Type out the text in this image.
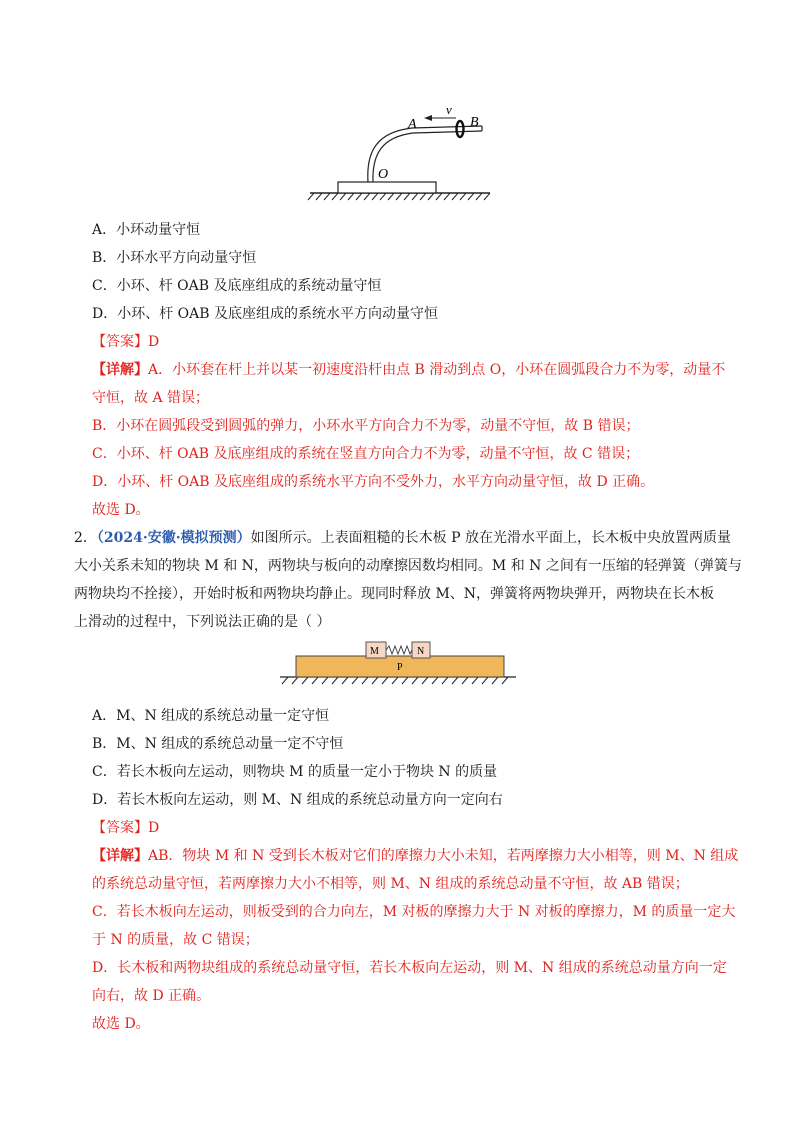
A	B
O
v
A．小环动量守恒
B．小环水平方向动量守恒
C．小环、杆 OAB 及底座组成的系统动量守恒
D．小环、杆 OAB 及底座组成的系统水平方向动量守恒
【答案】D
【详解】A．小环套在杆上并以某一初速度沿杆由点 B 滑动到点 O，小环在圆弧段合力不为零，动量不
守恒，故 A 错误；
B．小环在圆弧段受到圆弧的弹力，小环水平方向合力不为零，动量不守恒，故 B 错误；
C．小环、杆 OAB 及底座组成的系统在竖直方向合力不为零，动量不守恒，故 C 错误；
D．小环、杆 OAB 及底座组成的系统水平方向不受外力，水平方向动量守恒，故 D 正确。
故选 D。
2．（2024·安徽·模拟预测）如图所示。上表面粗糙的长木板 P 放在光滑水平面上，长木板中央放置两质量
大小关系未知的物块 M 和 N，两物块与板向的动摩擦因数均相同。M 和 N 之间有一压缩的轻弹簧（弹簧与
两物块均不拴接），开始时板和两物块均静止。现同时释放 M、N，弹簧将两物块弹开，两物块在长木板
上滑动的过程中，下列说法正确的是（ ）
M	N
P
A．M、N 组成的系统总动量一定守恒
B．M、N 组成的系统总动量一定不守恒
C．若长木板向左运动，则物块 M 的质量一定小于物块 N 的质量
D．若长木板向左运动，则 M、N 组成的系统总动量方向一定向右
【答案】D
【详解】AB．物块 M 和 N 受到长木板对它们的摩擦力大小未知，若两摩擦力大小相等，则 M、N 组成
的系统总动量守恒，若两摩擦力大小不相等，则 M、N 组成的系统总动量不守恒，故 AB 错误；
C．若长木板向左运动，则板受到的合力向左，M 对板的摩擦力大于 N 对板的摩擦力，M 的质量一定大
于 N 的质量，故 C 错误；
D．长木板和两物块组成的系统总动量守恒，若长木板向左运动，则 M、N 组成的系统总动量方向一定
向右，故 D 正确。
故选 D。
